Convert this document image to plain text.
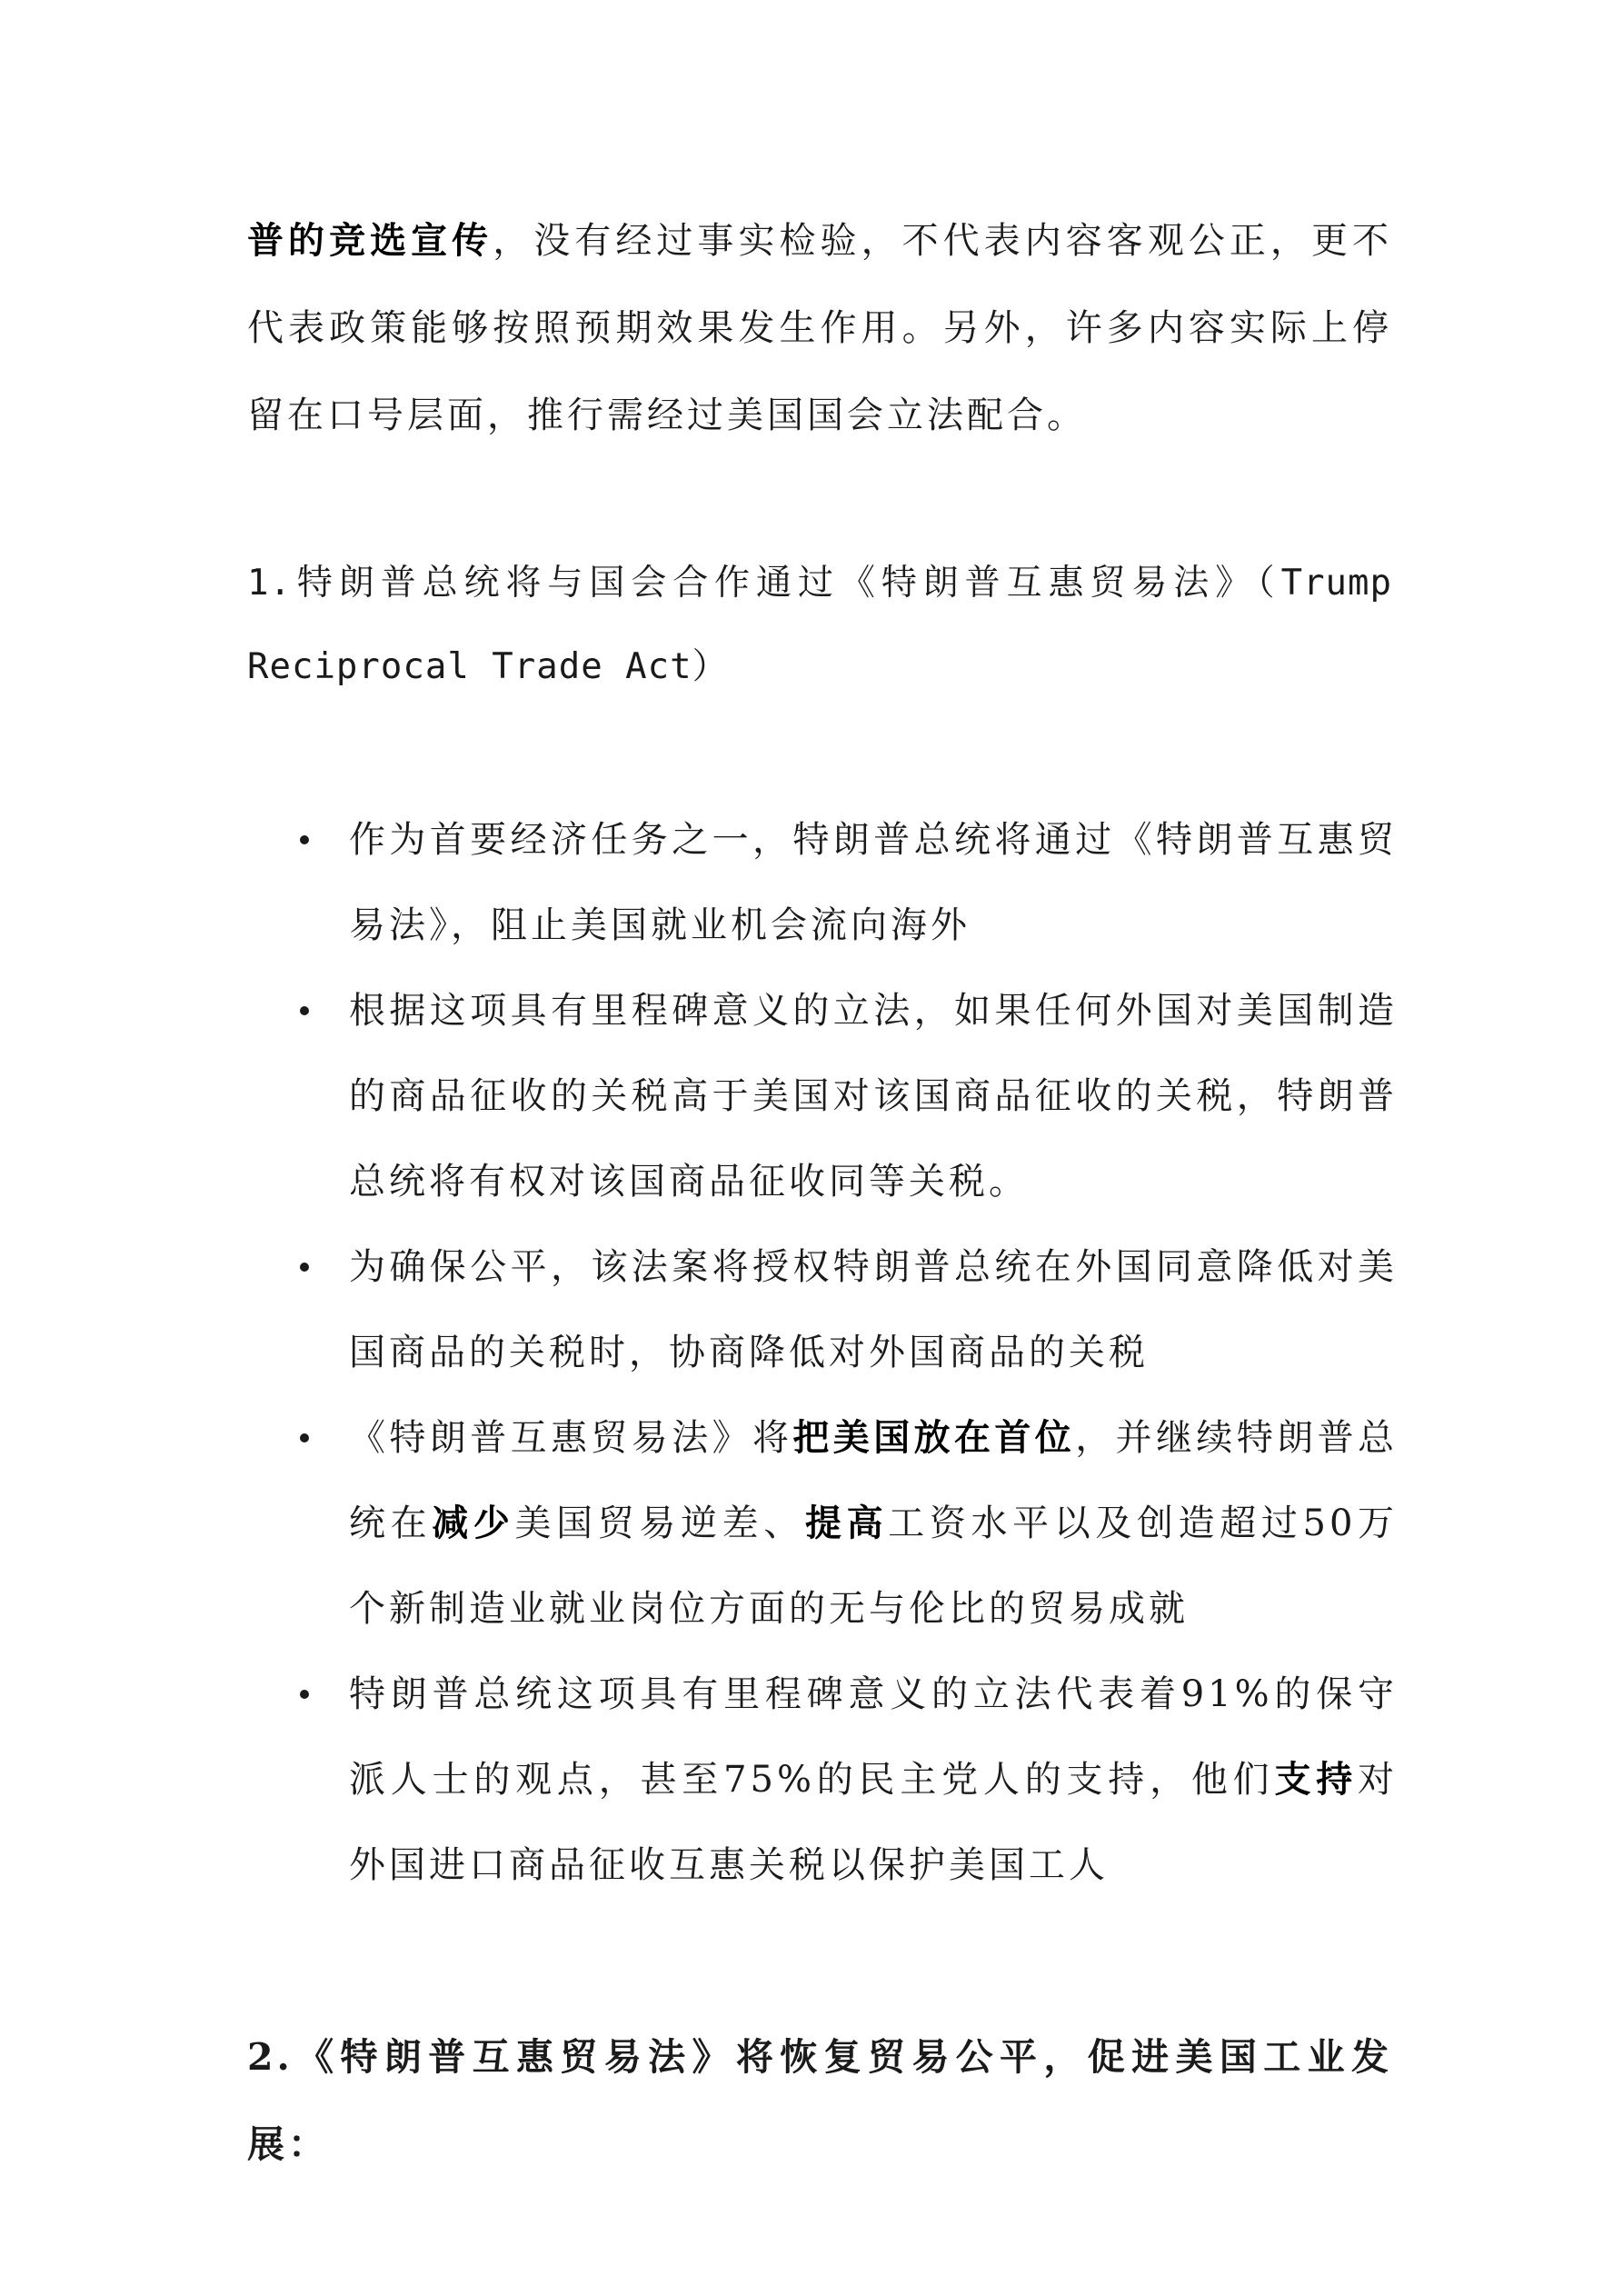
普的竞选宣传，没有经过事实检验，不代表内容客观公正，更不代表政策能够按照预期效果发生作用。另外，许多内容实际上停留在口号层面，推行需经过美国国会立法配合。

1.特朗普总统将与国会合作通过《特朗普互惠贸易法》（Trump Reciprocal Trade Act）

作为首要经济任务之一，特朗普总统将通过《特朗普互惠贸易法》，阻止美国就业机会流向海外
根据这项具有里程碑意义的立法，如果任何外国对美国制造的商品征收的关税高于美国对该国商品征收的关税，特朗普总统将有权对该国商品征收同等关税。
为确保公平，该法案将授权特朗普总统在外国同意降低对美国商品的关税时，协商降低对外国商品的关税
《特朗普互惠贸易法》将把美国放在首位，并继续特朗普总统在减少美国贸易逆差、提高工资水平以及创造超过50万个新制造业就业岗位方面的无与伦比的贸易成就
特朗普总统这项具有里程碑意义的立法代表着91%的保守派人士的观点，甚至75%的民主党人的支持，他们支持对外国进口商品征收互惠关税以保护美国工人

2.《特朗普互惠贸易法》将恢复贸易公平，促进美国工业发展：
